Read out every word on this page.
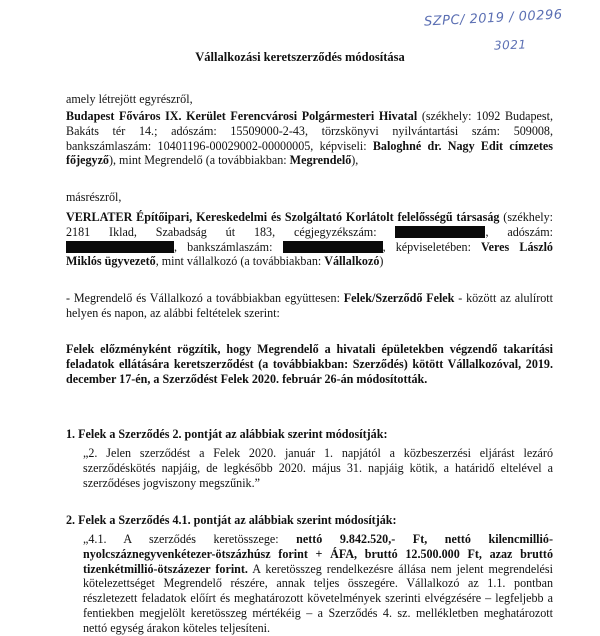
SZPC/ 2019 / 00296
3021
Vállalkozási keretszerződés módosítása
amely létrejött egyrészről,
Budapest Főváros IX. Kerület Ferencvárosi Polgármesteri Hivatal (székhely: 1092 Budapest, Bakáts tér 14.; adószám: 15509000-2-43, törzskönyvi nyilvántartási szám: 509008, bankszámlaszám: 10401196-00029002-00000005, képviseli: Baloghné dr. Nagy Edit címzetes főjegyző), mint Megrendelő (a továbbiakban: Megrendelő),
másrészről,
VERLATER Építőipari, Kereskedelmi és Szolgáltató Korlátolt felelősségű társaság (székhely: 2181 Iklad, Szabadság út 183, cégjegyzékszám:	, adószám: , bankszámlaszám:	, képviseletében: Veres László Miklós ügyvezető, mint vállalkozó (a továbbiakban: Vállalkozó)
- Megrendelő és Vállalkozó a továbbiakban együttesen: Felek/Szerződő Felek - között az alulírott helyen és napon, az alábbi feltételek szerint:
Felek előzményként rögzítik, hogy Megrendelő a hivatali épületekben végzendő takarítási feladatok ellátására keretszerződést (a továbbiakban: Szerződés) kötött Vállalkozóval, 2019. december 17-én, a Szerződést Felek 2020. február 26-án módosították.
1. Felek a Szerződés 2. pontját az alábbiak szerint módosítják:
„2. Jelen szerződést a Felek 2020. január 1. napjától a közbeszerzési eljárást lezáró szerződéskötés napjáig, de legkésőbb 2020. május 31. napjáig kötik, a határidő eltelével a szerződéses jogviszony megszűnik.”
2. Felek a Szerződés 4.1. pontját az alábbiak szerint módosítják:
„4.1. A szerződés keretösszege: nettó 9.842.520,- Ft, nettó kilencmillió-nyolcszáznegyvenkétezer-ötszázhúsz forint + ÁFA, bruttó 12.500.000 Ft, azaz bruttó tizenkétmillió-ötszázezer forint. A keretösszeg rendelkezésre állása nem jelent megrendelési kötelezettséget Megrendelő részére, annak teljes összegére. Vállalkozó az 1.1. pontban részletezett feladatok előírt és meghatározott követelmények szerinti elvégzésére – legfeljebb a fentiekben megjelölt keretösszeg mértékéig – a Szerződés 4. sz. mellékletben meghatározott nettó egység árakon köteles teljesíteni.
